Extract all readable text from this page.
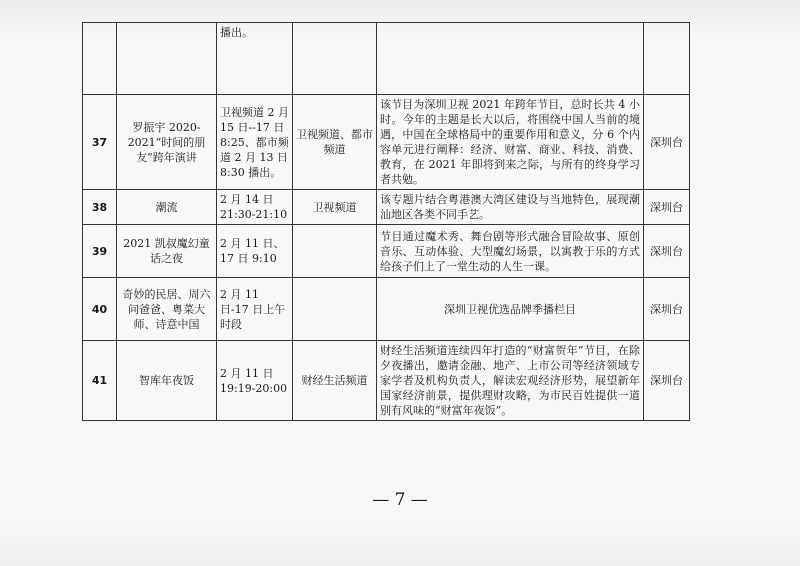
		播出。			
37	罗振宇 2020-2021“时间的朋友”跨年演讲	卫视频道 2 月 15 日--17 日 8:25、都市频道 2 月 13 日 8:30 播出。	卫视频道、都市频道	该节目为深圳卫视 2021 年跨年节目，总时长共 4 小时。今年的主题是长大以后，将围绕中国人当前的境遇，中国在全球格局中的重要作用和意义，分 6 个内容单元进行阐释：经济、财富、商业、科技、消费、教育，在 2021 年即将到来之际，与所有的终身学习者共勉。	深圳台
38	潮流	2 月 14 日 21:30-21:10	卫视频道	该专题片结合粤港澳大湾区建设与当地特色，展现潮汕地区各类不同手艺。	深圳台
39	2021 凯叔魔幻童话之夜	2 月 11 日、17 日 9:10		节目通过魔术秀、舞台剧等形式融合冒险故事、原创音乐、互动体验、大型魔幻场景，以寓教于乐的方式给孩子们上了一堂生动的人生一课。	深圳台
40	奇妙的民居、周六问爸爸、粤菜大师、诗意中国	2 月 11 日-17 日上午时段		深圳卫视优选品牌季播栏目	深圳台
41	智库年夜饭	2 月 11 日 19:19-20:00	财经生活频道	财经生活频道连续四年打造的“财富贺年”节目，在除夕夜播出，邀请金融、地产、上市公司等经济领域专家学者及机构负责人，解读宏观经济形势，展望新年国家经济前景，提供理财攻略，为市民百姓提供一道别有风味的“财富年夜饭”。	深圳台
— 7 —
